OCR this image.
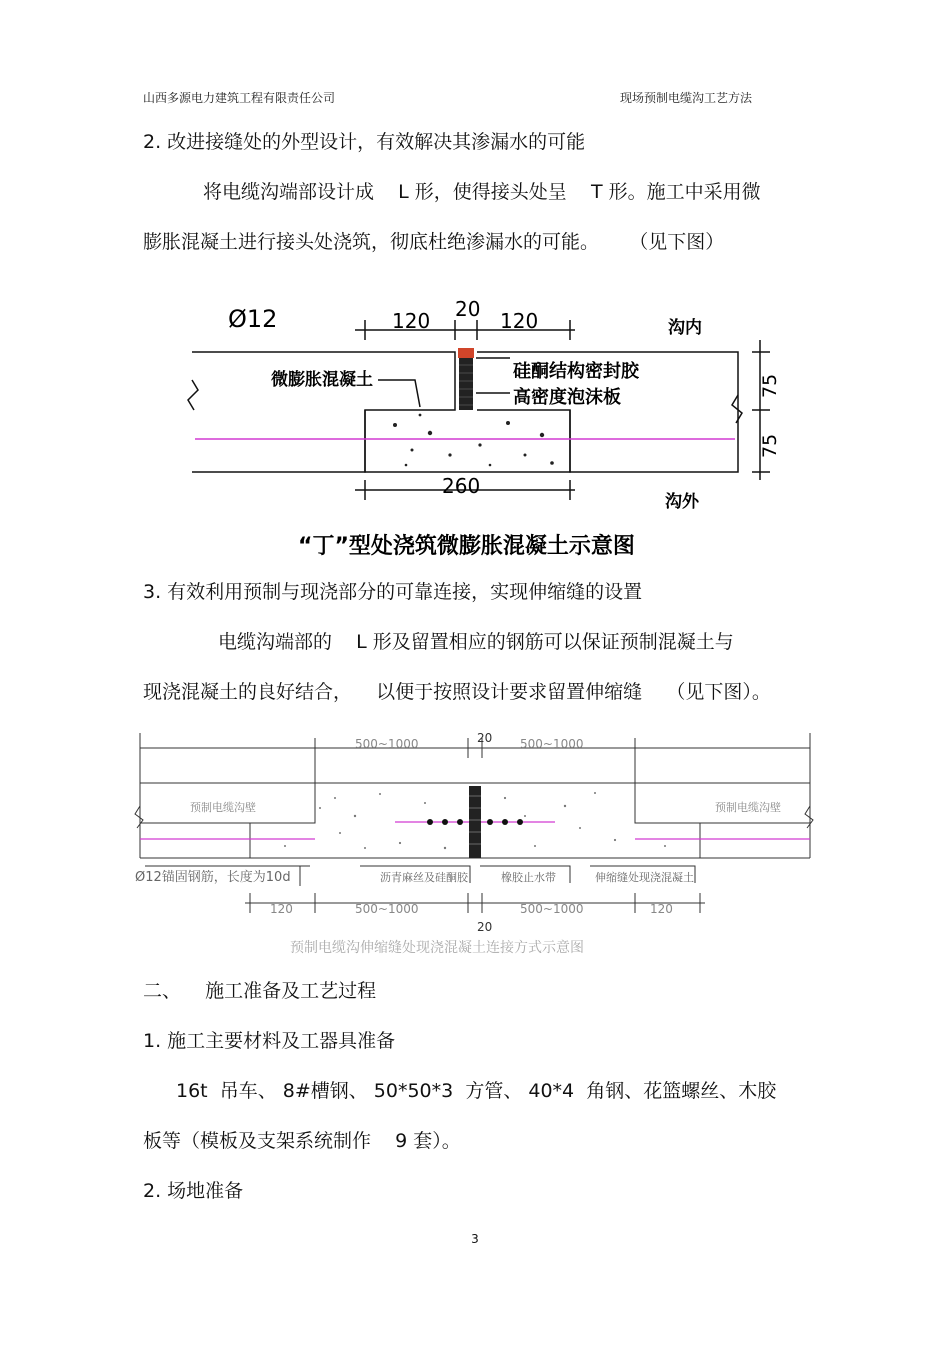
山西多源电力建筑工程有限责任公司	现场预制电缆沟工艺方法
2. 改进接缝处的外型设计，有效解决其渗漏水的可能
将电缆沟端部设计成    L 形，使得接头处呈    T 形。施工中采用微
膨胀混凝土进行接头处浇筑，彻底杜绝渗漏水的可能。     （见下图）
Ø12	120 20 120	沟内
微膨胀混凝土	硅酮结构密封胶
高密度泡沫板	75
75
260
沟外
“丁”型处浇筑微膨胀混凝土示意图
3. 有效利用预制与现浇部分的可靠连接，实现伸缩缝的设置
电缆沟端部的    L 形及留置相应的钢筋可以保证预制混凝土与
现浇混凝土的良好结合，    以便于按照设计要求留置伸缩缝    （见下图）。
500~1000	20 500~1000
预制电缆沟壁	预制电缆沟壁
Ø12锚固钢筋，长度为10d	沥青麻丝及硅酮胶	橡胶止水带	伸缩缝处现浇混凝土
120	500~1000	500~1000	120
20
预制电缆沟伸缩缝处现浇混凝土连接方式示意图
二、    施工准备及工艺过程
1. 施工主要材料及工器具准备
16t  吊车、 8#槽钢、 50*50*3  方管、 40*4  角钢、花篮螺丝、木胶
板等（模板及支架系统制作    9 套）。
2. 场地准备
3
